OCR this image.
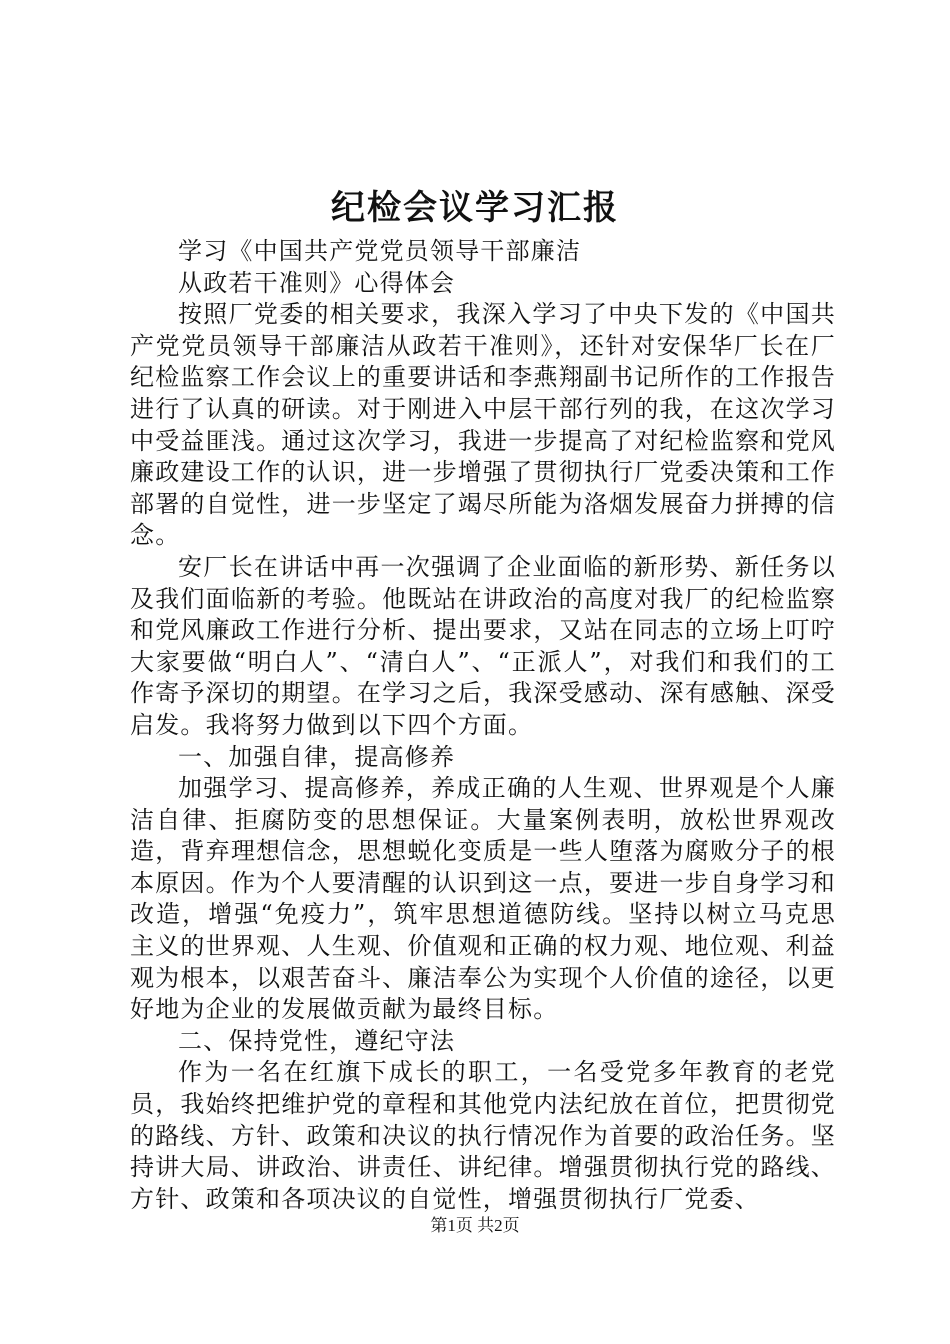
纪检会议学习汇报

学习《中国共产党党员领导干部廉洁

从政若干准则》心得体会

按照厂党委的相关要求，我深入学习了中央下发的《中国共产党党员领导干部廉洁从政若干准则》，还针对安保华厂长在厂纪检监察工作会议上的重要讲话和李燕翔副书记所作的工作报告进行了认真的研读。对于刚进入中层干部行列的我，在这次学习中受益匪浅。通过这次学习，我进一步提高了对纪检监察和党风廉政建设工作的认识，进一步增强了贯彻执行厂党委决策和工作部署的自觉性，进一步坚定了竭尽所能为洛烟发展奋力拼搏的信念。

安厂长在讲话中再一次强调了企业面临的新形势、新任务以及我们面临新的考验。他既站在讲政治的高度对我厂的纪检监察和党风廉政工作进行分析、提出要求，又站在同志的立场上叮咛大家要做“明白人”、“清白人”、“正派人”，对我们和我们的工作寄予深切的期望。在学习之后，我深受感动、深有感触、深受启发。我将努力做到以下四个方面。

一、加强自律，提高修养

加强学习、提高修养，养成正确的人生观、世界观是个人廉洁自律、拒腐防变的思想保证。大量案例表明，放松世界观改造，背弃理想信念，思想蜕化变质是一些人堕落为腐败分子的根本原因。作为个人要清醒的认识到这一点，要进一步自身学习和改造，增强“免疫力”，筑牢思想道德防线。坚持以树立马克思主义的世界观、人生观、价值观和正确的权力观、地位观、利益观为根本，以艰苦奋斗、廉洁奉公为实现个人价值的途径，以更好地为企业的发展做贡献为最终目标。

二、保持党性，遵纪守法

作为一名在红旗下成长的职工，一名受党多年教育的老党员，我始终把维护党的章程和其他党内法纪放在首位，把贯彻党的路线、方针、政策和决议的执行情况作为首要的政治任务。坚持讲大局、讲政治、讲责任、讲纪律。增强贯彻执行党的路线、方针、政策和各项决议的自觉性，增强贯彻执行厂党委、

第1页 共2页
